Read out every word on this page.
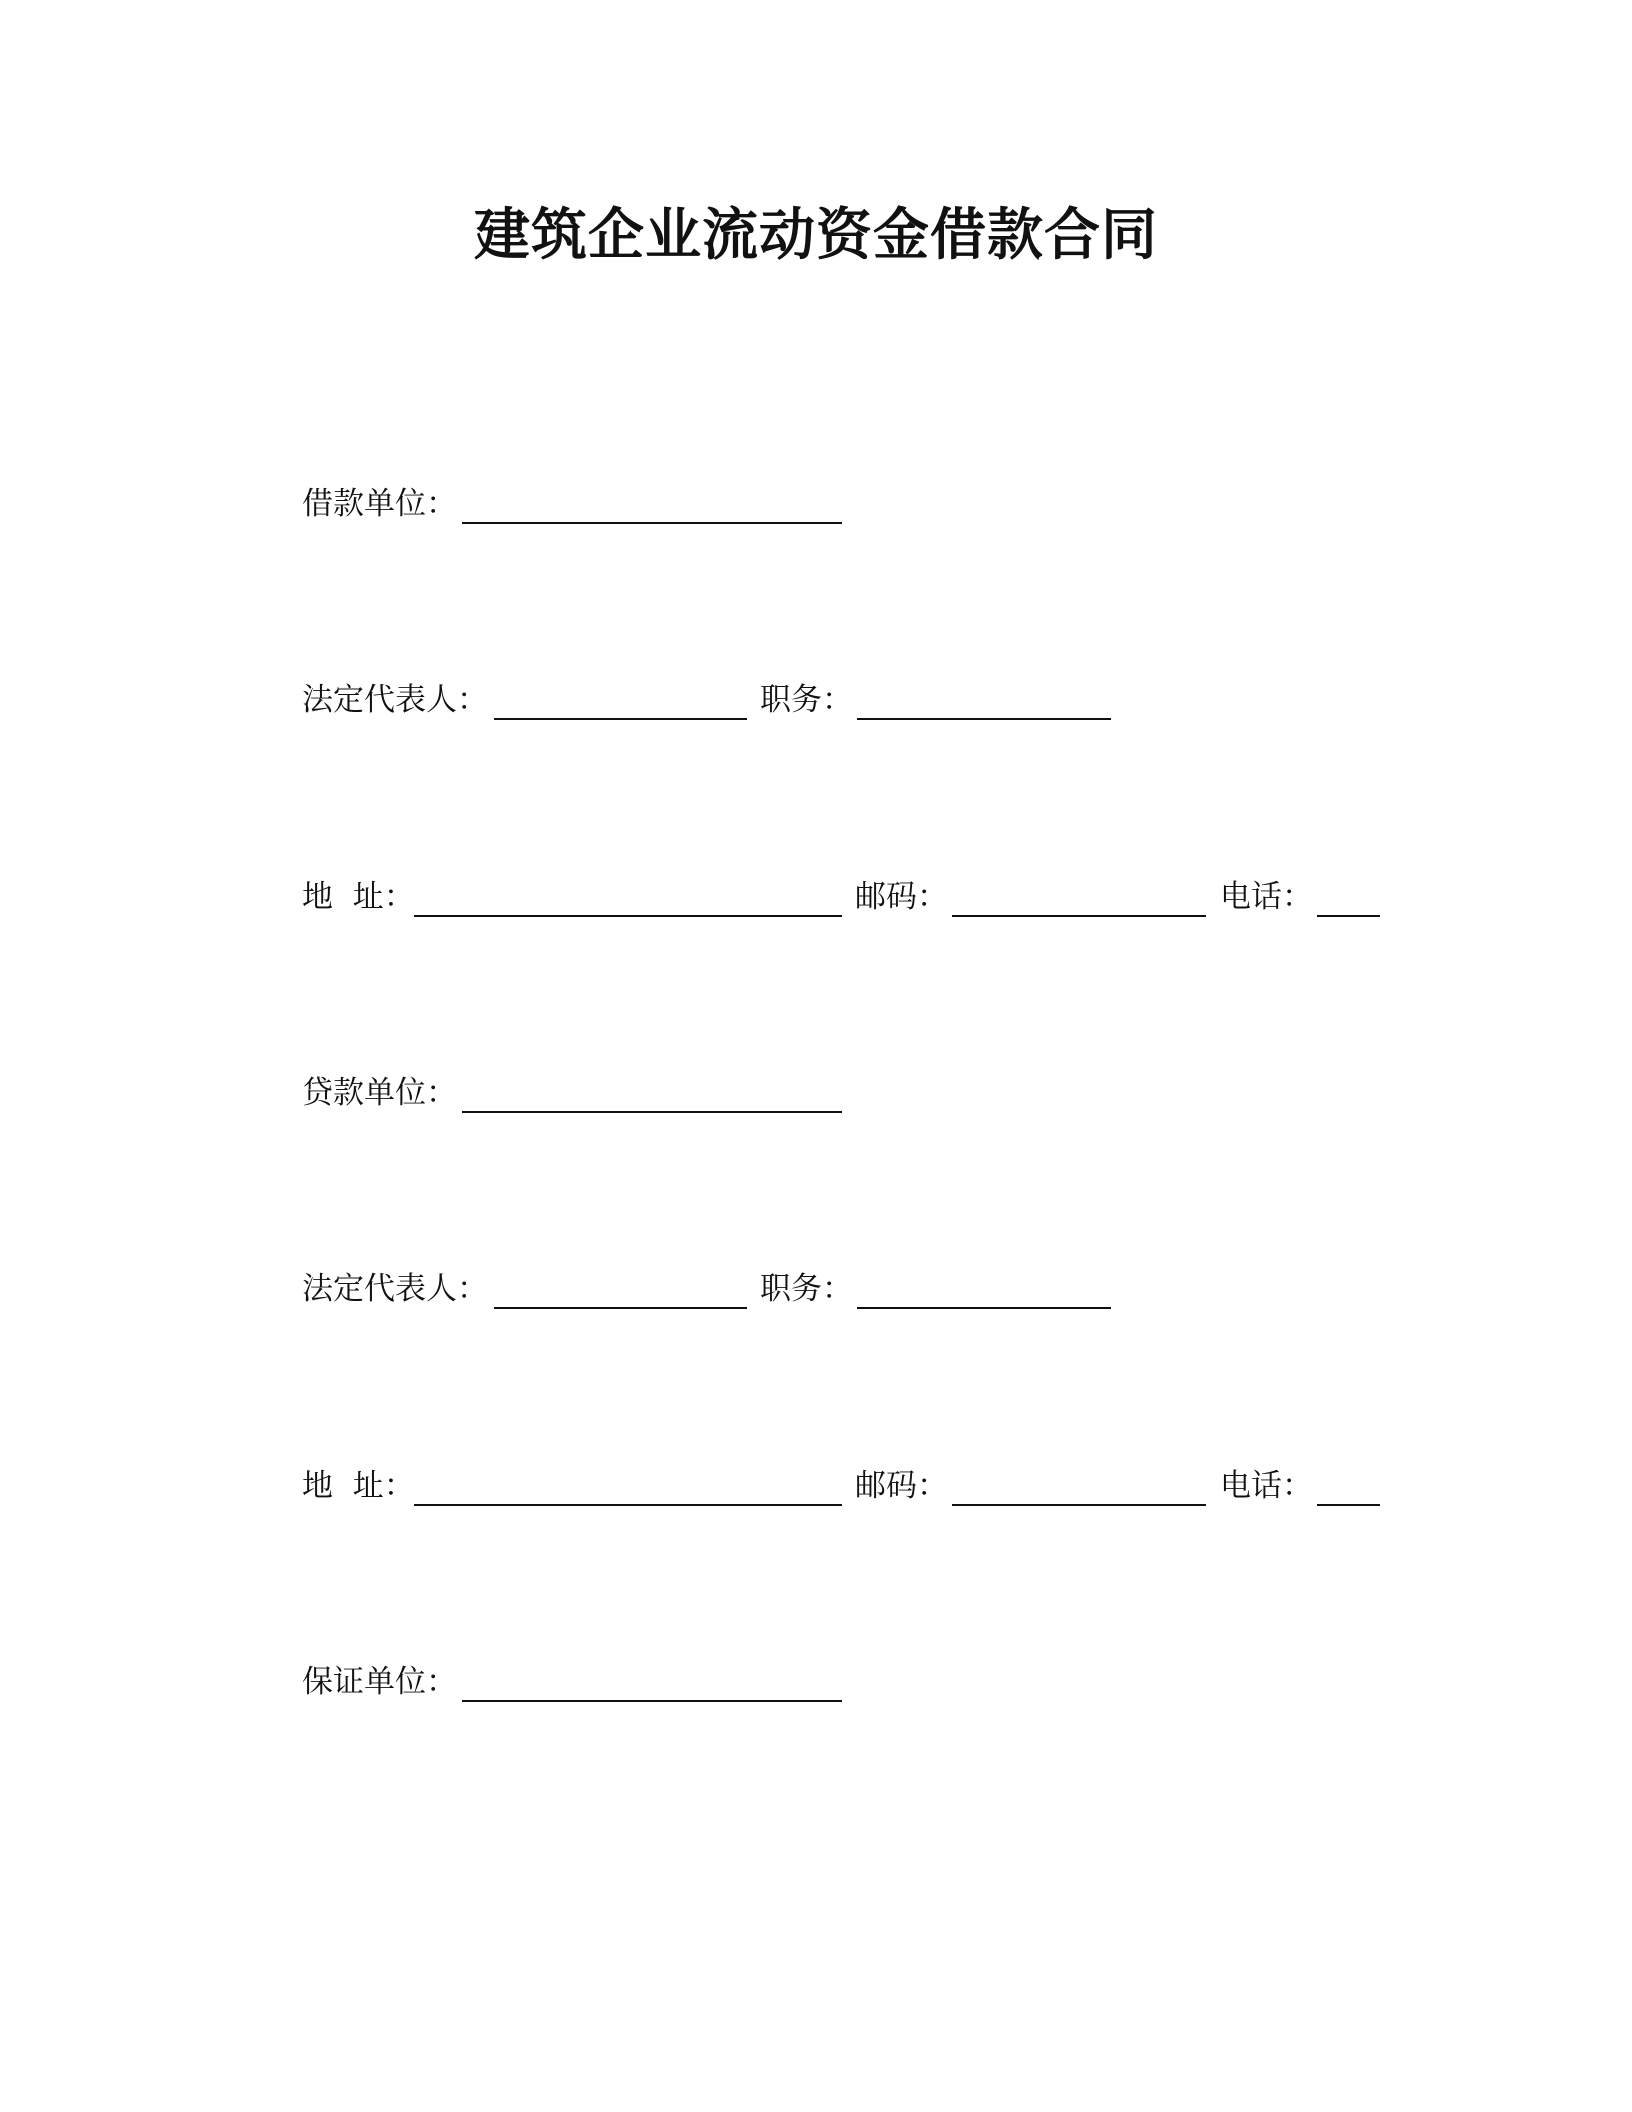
建筑企业流动资金借款合同
借款单位：
法定代表人：	职务：
地  址：	邮码：	电话：
贷款单位：
法定代表人：	职务：
地  址：	邮码：	电话：
保证单位：
